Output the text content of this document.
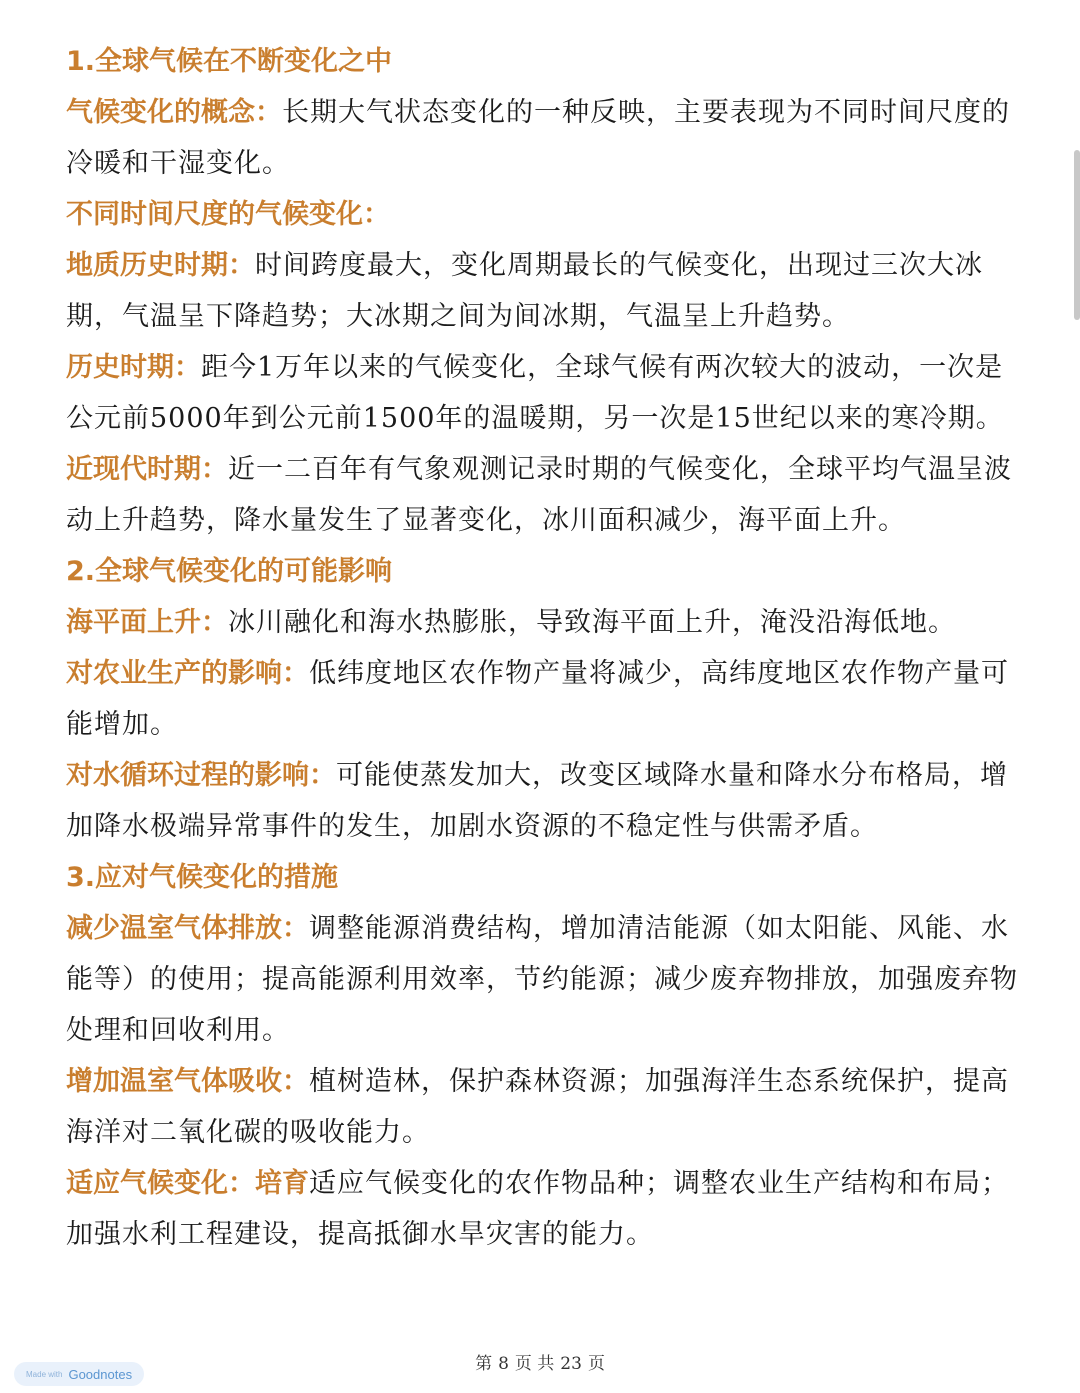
1.全球气候在不断变化之中

气候变化的概念：长期大气状态变化的一种反映，主要表现为不同时间尺度的冷暖和干湿变化。

不同时间尺度的气候变化：

地质历史时期：时间跨度最大，变化周期最长的气候变化，出现过三次大冰期，气温呈下降趋势；大冰期之间为间冰期，气温呈上升趋势。

历史时期：距今1万年以来的气候变化，全球气候有两次较大的波动，一次是公元前5000年到公元前1500年的温暖期，另一次是15世纪以来的寒冷期。

近现代时期：近一二百年有气象观测记录时期的气候变化，全球平均气温呈波动上升趋势，降水量发生了显著变化，冰川面积减少，海平面上升。

2.全球气候变化的可能影响

海平面上升：冰川融化和海水热膨胀，导致海平面上升，淹没沿海低地。

对农业生产的影响：低纬度地区农作物产量将减少，高纬度地区农作物产量可能增加。

对水循环过程的影响：可能使蒸发加大，改变区域降水量和降水分布格局，增加降水极端异常事件的发生，加剧水资源的不稳定性与供需矛盾。

3.应对气候变化的措施

减少温室气体排放：调整能源消费结构，增加清洁能源（如太阳能、风能、水能等）的使用；提高能源利用效率，节约能源；减少废弃物排放，加强废弃物处理和回收利用。

增加温室气体吸收：植树造林，保护森林资源；加强海洋生态系统保护，提高海洋对二氧化碳的吸收能力。

适应气候变化：培育适应气候变化的农作物品种；调整农业生产结构和布局；加强水利工程建设，提高抵御水旱灾害的能力。

第 8 页 共 23 页
Made with Goodnotes
